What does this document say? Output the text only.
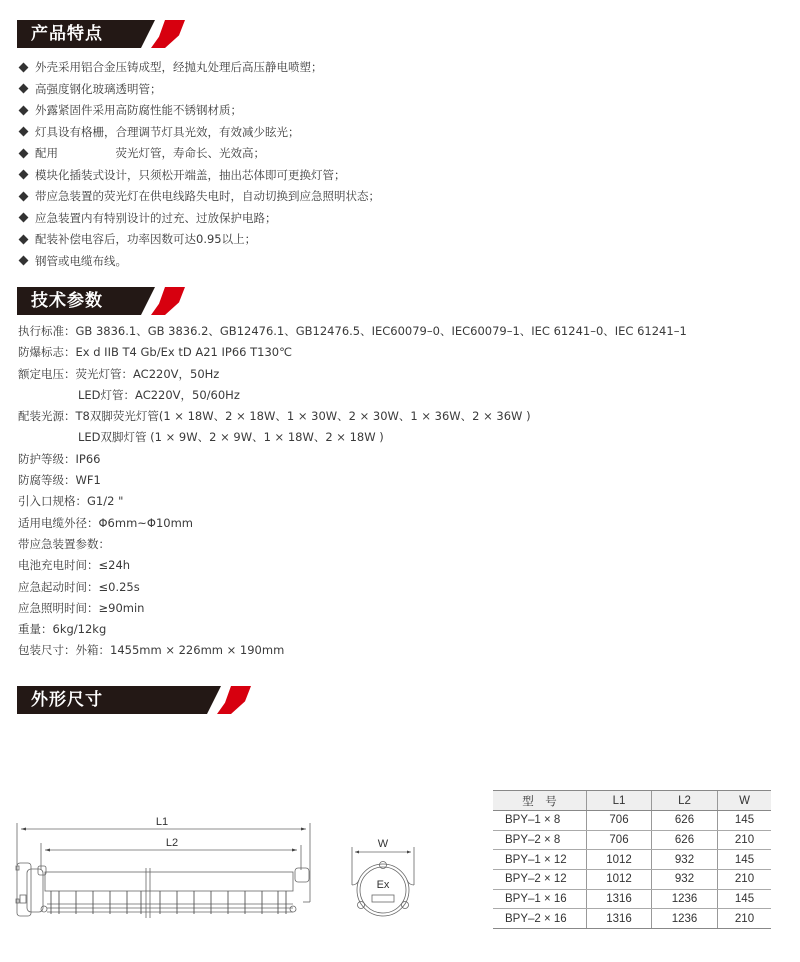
产品特点
外壳采用铝合金压铸成型，经抛丸处理后高压静电喷塑；
高强度钢化玻璃透明管；
外露紧固件采用高防腐性能不锈钢材质；
灯具设有格栅，合理调节灯具光效，有效减少眩光；
配用　　　　　荧光灯管，寿命长、光效高；
模块化插装式设计，只须松开端盖，抽出芯体即可更换灯管；
带应急装置的荧光灯在供电线路失电时，自动切换到应急照明状态；
应急装置内有特别设计的过充、过放保护电路；
配装补偿电容后，功率因数可达0.95以上；
钢管或电缆布线。
技术参数
执行标准：GB 3836.1、GB 3836.2、GB12476.1、GB12476.5、IEC60079–0、IEC60079–1、IEC 61241–0、IEC 61241–1
防爆标志：Ex d IIB T4 Gb/Ex tD A21 IP66 T130℃
额定电压：荧光灯管：AC220V，50Hz
LED灯管：AC220V，50/60Hz
配装光源：T8双脚荧光灯管(1 × 18W、2 × 18W、1 × 30W、2 × 30W、1 × 36W、2 × 36W )
LED双脚灯管 (1 × 9W、2 × 9W、1 × 18W、2 × 18W )
防护等级：IP66
防腐等级：WF1
引入口规格：G1/2 "
适用电缆外径：Φ6mm~Φ10mm
带应急装置参数：
电池充电时间：≤24h
应急起动时间：≤0.25s
应急照明时间：≥90min
重量：6kg/12kg
包装尺寸：外箱：1455mm × 226mm × 190mm
外形尺寸
L1
L2	W
Ex
型　号	L1	L2	W
BPY–1 × 8	706	626	145
BPY–2 × 8	706	626	210
BPY–1 × 12	1012	932	145
BPY–2 × 12	1012	932	210
BPY–1 × 16	1316	1236	145
BPY–2 × 16	1316	1236	210
